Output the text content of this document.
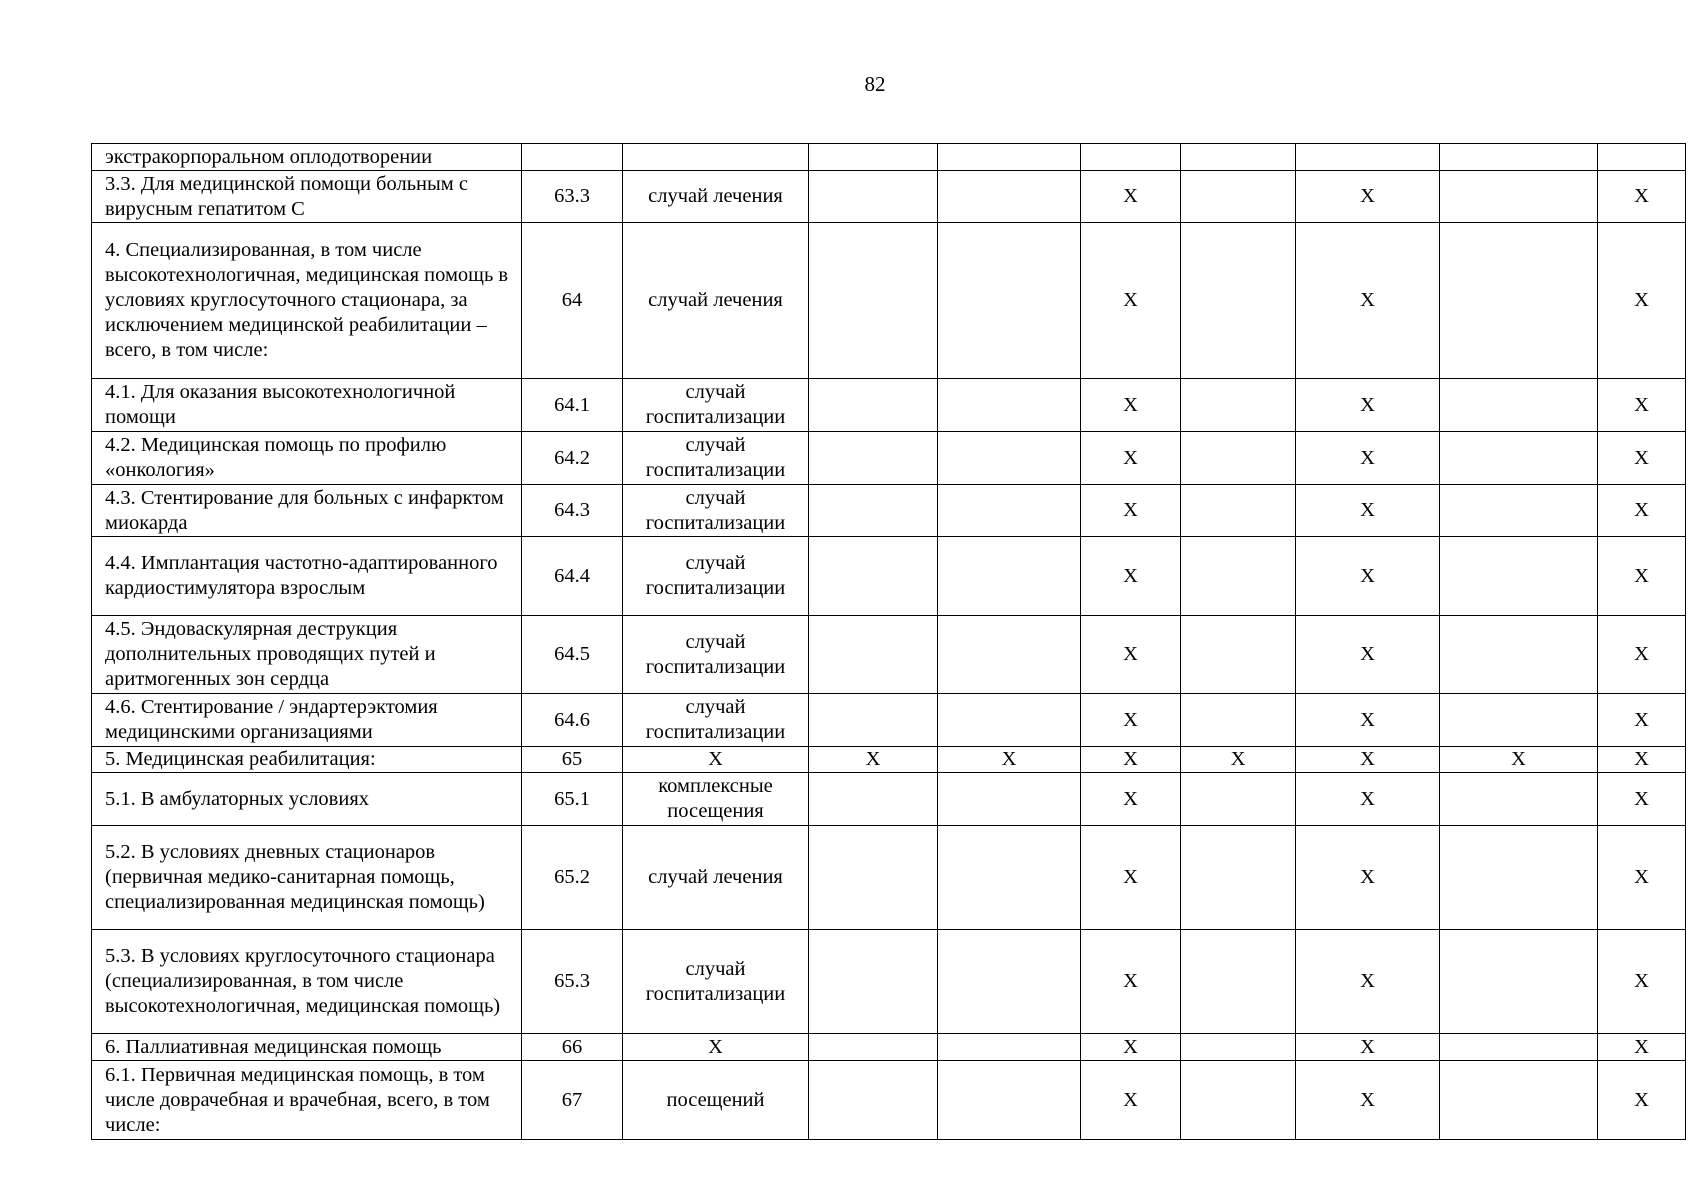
82
экстракорпоральном оплодотворении									
3.3. Для медицинской помощи больным с вирусным гепатитом С	63.3	случай лечения			X		X		X
4. Специализированная, в том числе высокотехнологичная, медицинская помощь в условиях круглосуточного стационара, за исключением медицинской реабилитации – всего, в том числе:	64	случай лечения			X		X		X
4.1. Для оказания высокотехнологичной помощи	64.1	случай госпитализации			X		X		X
4.2. Медицинская помощь по профилю «онкология»	64.2	случай госпитализации			X		X		X
4.3. Стентирование для больных с инфарктом миокарда	64.3	случай госпитализации			X		X		X
4.4. Имплантация частотно-адаптированного кардиостимулятора взрослым	64.4	случай госпитализации			X		X		X
4.5. Эндоваскулярная деструкция дополнительных проводящих путей и аритмогенных зон сердца	64.5	случай госпитализации			X		X		X
4.6. Стентирование / эндартерэктомия медицинскими организациями	64.6	случай госпитализации			X		X		X
5. Медицинская реабилитация:	65	X	X	X	X	X	X	X	X
5.1. В амбулаторных условиях	65.1	комплексные посещения			X		X		X
5.2. В условиях дневных стационаров (первичная медико-санитарная помощь, специализированная медицинская помощь)	65.2	случай лечения			X		X		X
5.3. В условиях круглосуточного стационара (специализированная, в том числе высокотехнологичная, медицинская помощь)	65.3	случай госпитализации			X		X		X
6. Паллиативная медицинская помощь	66	X			X		X		X
6.1. Первичная медицинская помощь, в том числе доврачебная и врачебная, всего, в том числе:	67	посещений			X		X		X
